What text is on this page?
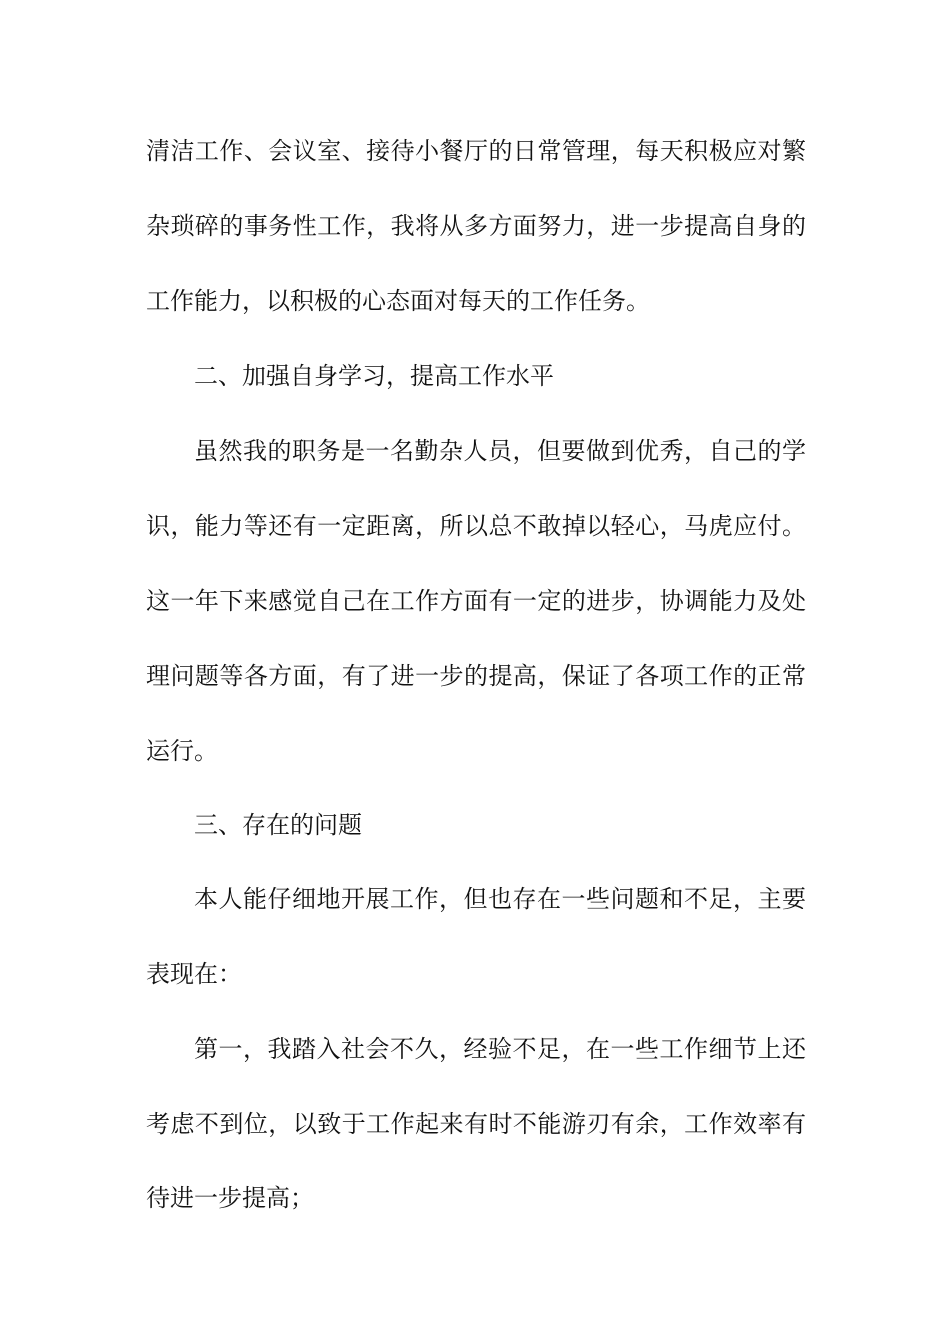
清洁工作、会议室、接待小餐厅的日常管理，每天积极应对繁
杂琐碎的事务性工作，我将从多方面努力，进一步提高自身的
工作能力，以积极的心态面对每天的工作任务。
二、加强自身学习，提高工作水平
虽然我的职务是一名勤杂人员，但要做到优秀，自己的学
识，能力等还有一定距离，所以总不敢掉以轻心，马虎应付。
这一年下来感觉自己在工作方面有一定的进步，协调能力及处
理问题等各方面，有了进一步的提高，保证了各项工作的正常
运行。
三、存在的问题
本人能仔细地开展工作，但也存在一些问题和不足，主要
表现在：
第一，我踏入社会不久，经验不足，在一些工作细节上还
考虑不到位，以致于工作起来有时不能游刃有余，工作效率有
待进一步提高；
